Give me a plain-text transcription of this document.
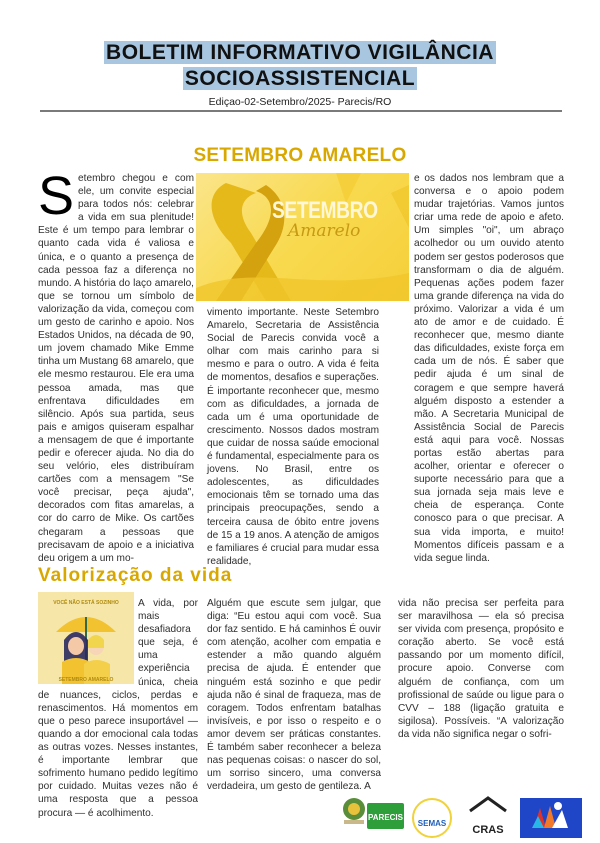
BOLETIM INFORMATIVO VIGILÂNCIA
SOCIOASSISTENCIAL
Ediçao-02-Setembro/2025- Parecis/RO
SETEMBRO AMARELO
SETEMBRO
Amarelo

Setembro chegou e com ele, um convite especial para todos nós: celebrar a vida em sua plenitude! Este é um tempo para lembrar o quanto cada vida é valiosa e única, e o quanto a presença de cada pessoa faz a diferença no mundo. A história do laço amarelo, que se tornou um símbolo de valorização da vida, começou com um gesto de carinho e apoio. Nos Estados Unidos, na década de 90, um jovem chamado Mike Emme tinha um Mustang 68 amarelo, que ele mesmo restaurou. Ele era uma pessoa amada, mas que enfrentava dificuldades em silêncio. Após sua partida, seus pais e amigos quiseram espalhar a mensagem de que é importante pedir e oferecer ajuda. No dia do seu velório, eles distribuíram cartões com a mensagem "Se você precisar, peça ajuda", decorados com fitas amarelas, a cor do carro de Mike. Os cartões chegaram a pessoas que precisavam de apoio e a iniciativa deu origem a um mo-

vimento importante. Neste Setembro Amarelo, Secretaria de Assistência Social de Parecis convida você a olhar com mais carinho para si mesmo e para o outro. A vida é feita de momentos, desafios e superações. É importante reconhecer que, mesmo com as dificuldades, a jornada de cada um é uma oportunidade de crescimento. Nossos dados mostram que cuidar de nossa saúde emocional é fundamental, especialmente para os jovens. No Brasil, entre os adolescentes, as dificuldades emocionais têm se tornado uma das principais preocupações, sendo a terceira causa de óbito entre jovens de 15 a 19 anos. A atenção de amigos e familiares é crucial para mudar essa realidade,

e os dados nos lembram que a conversa e o apoio podem mudar trajetórias. Vamos juntos criar uma rede de apoio e afeto. Um simples "oi", um abraço acolhedor ou um ouvido atento podem ser gestos poderosos que transformam o dia de alguém. Pequenas ações podem fazer uma grande diferença na vida do próximo. Valorizar a vida é um ato de amor e de cuidado. É reconhecer que, mesmo diante das dificuldades, existe força em cada um de nós. É saber que pedir ajuda é um sinal de coragem e que sempre haverá alguém disposto a estender a mão. A Secretaria Municipal de Assistência Social de Parecis está aqui para você. Nossas portas estão abertas para acolher, orientar e oferecer o suporte necessário para que a sua jornada seja mais leve e cheia de esperança. Conte conosco para o que precisar. A sua vida importa, e muito! Momentos difíceis passam e a vida segue linda.

Valorização da vida
VOCÊ NÃO ESTÁ SOZINHO
SETEMBRO AMARELO

A vida, por mais desafiadora que seja, é uma experiência única, cheia de nuances, ciclos, perdas e renascimentos. Há momentos em que o peso parece insuportável — quando a dor emocional cala todas as outras vozes. Nesses instantes, é importante lembrar que sofrimento humano pedido legítimo por cuidado. Muitas vezes não é uma resposta que a pessoa procura — é acolhimento.

Alguém que escute sem julgar, que diga: “Eu estou aqui com você. Sua dor faz sentido. E há caminhos É ouvir com atenção, acolher com empatia e estender a mão quando alguém precisa de ajuda. É entender que ninguém está sozinho e que pedir ajuda não é sinal de fraqueza, mas de coragem. Todos enfrentam batalhas invisíveis, e por isso o respeito e o amor devem ser práticas constantes. É também saber reconhecer a beleza nas pequenas coisas: o nascer do sol, um sorriso sincero, uma conversa verdadeira, um gesto de gentileza. A

vida não precisa ser perfeita para ser maravilhosa — ela só precisa ser vivida com presença, propósito e coração aberto. Se você está passando por um momento difícil, procure apoio. Converse com alguém de confiança, com um profissional de saúde ou ligue para o CVV – 188 (ligação gratuita e sigilosa). Possíveis. “A valorização da vida não significa negar o sofri-

PARECIS
SEMAS
CRAS
